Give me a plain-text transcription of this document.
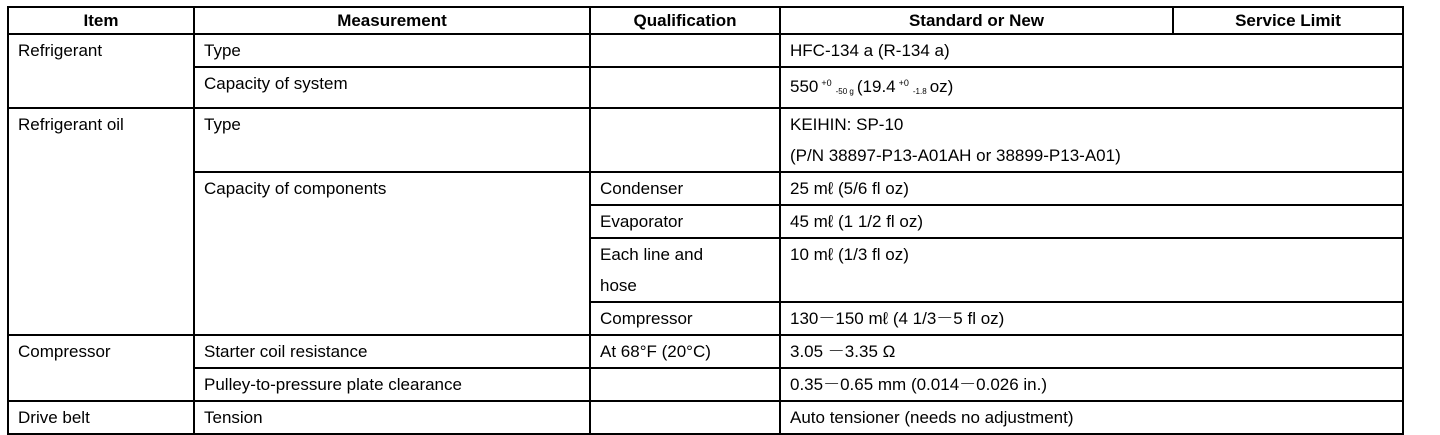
Item	Measurement	Qualification	Standard or New	Service Limit
Refrigerant	Type		HFC-134 a (R-134 a)	
	Capacity of system		550 $^{+0}_{-50 g}$ (19.4 $^{+0}_{-1.8}$ oz)	
Refrigerant oil	Type		KEIHIN: SP-10	
			(P/N 38897-P13-A01AH or 38899-P13-A01)	
	Capacity of components	Condenser	25 mℓ (5/6 fl oz)	
		Evaporator	45 mℓ (1 1/2 fl oz)	
		Each line and	10 mℓ (1/3 fl oz)	
		hose		
		Compressor	130－150 mℓ (4 1/3－5 fl oz)	
Compressor	Starter coil resistance	At 68°F (20°C)	3.05 －3.35 Ω	
	Pulley-to-pressure plate clearance		0.35－0.65 mm (0.014－0.026 in.)	
Drive belt	Tension		Auto tensioner (needs no adjustment)	
